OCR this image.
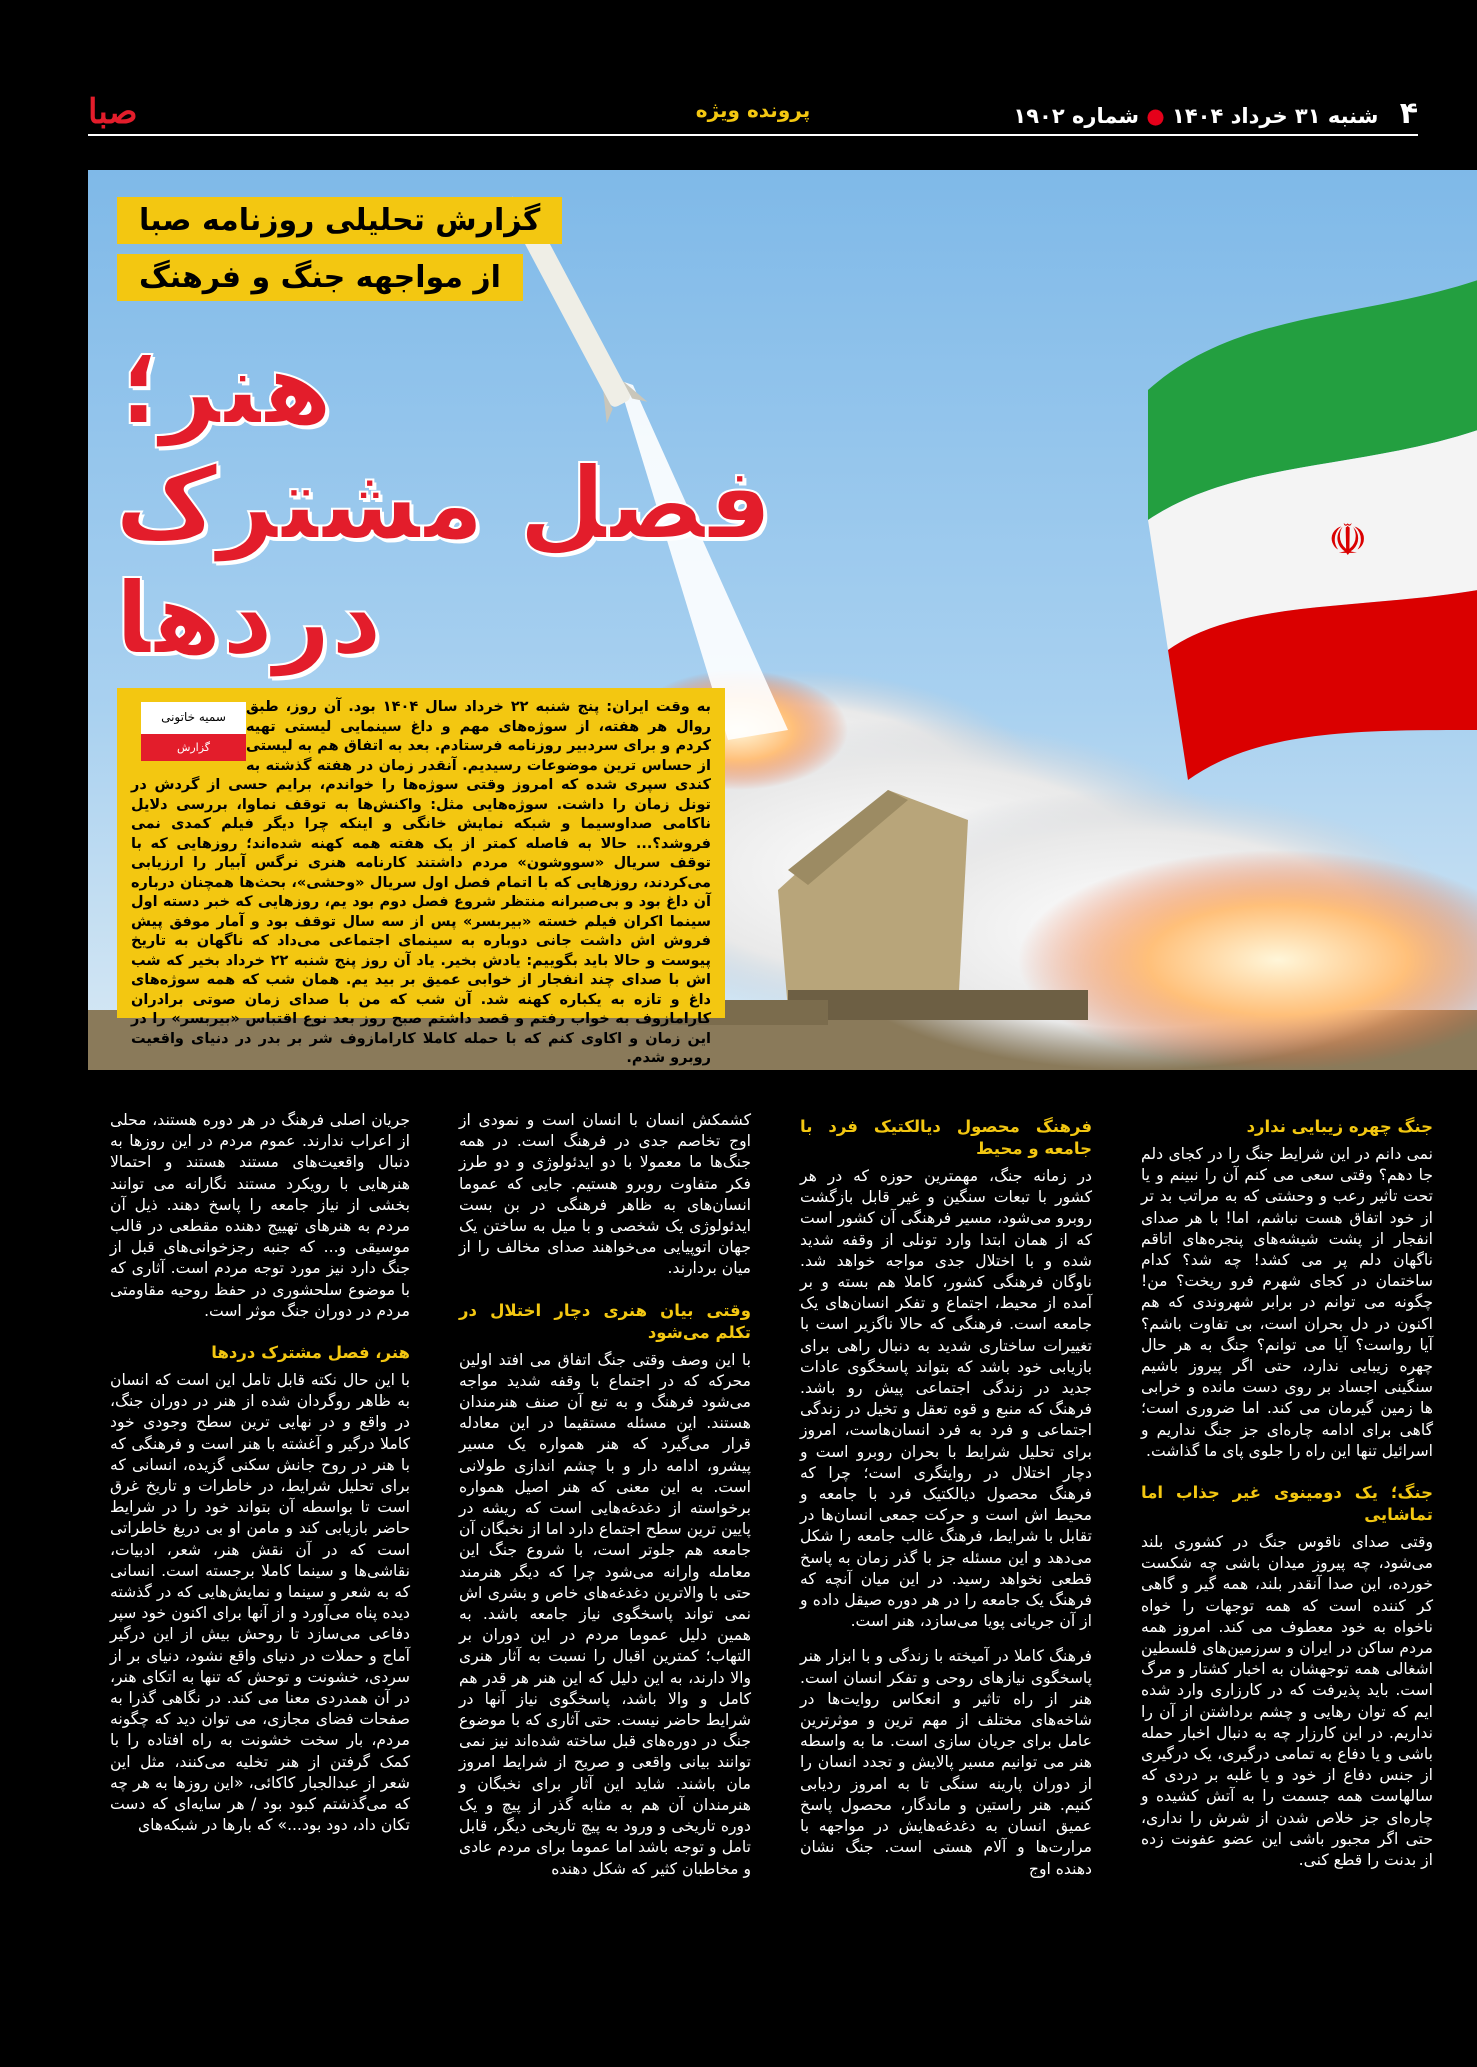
۴ شنبه ۳۱ خرداد ۱۴۰۴ ● شماره ۱۹۰۲
پرونده ویژه
صبا
☫
گزارش تحلیلی روزنامه صبا
از مواجهه جنگ و فرهنگ
هنر؛
فصل مشترک
دردها
سمیه خاتونی
گزارش
به وقت ایران: پنج شنبه ۲۲ خرداد سال ۱۴۰۴ بود. آن روز، طبق روال هر هفته، از سوژه‌های مهم و داغ سینمایی لیستی تهیه کردم و برای سردبیر روزنامه فرستادم. بعد به اتفاق هم به لیستی از حساس ترین موضوعات رسیدیم. آنقدر زمان در هفته گذشته به کندی سپری شده که امروز وقتی سوژه‌ها را خواندم، برایم حسی از گردش در تونل زمان را داشت. سوژه‌هایی مثل: واکنش‌ها به توقف نماوا، بررسی دلایل ناکامی صداوسیما و شبکه نمایش خانگی و اینکه چرا دیگر فیلم کمدی نمی فروشد؟... حالا به فاصله کمتر از یک هفته همه کهنه شده‌اند؛ روزهایی که با توقف سریال «سووشون» مردم داشتند کارنامه هنری نرگس آبیار را ارزیابی می‌کردند، روزهایی که با اتمام فصل اول سریال «وحشی»، بحث‌ها همچنان درباره آن داغ بود و بی‌صبرانه منتظر شروع فصل دوم بود یم، روزهایی که خبر دسته اول سینما اکران فیلم خسته «بیربسر» پس از سه سال توقف بود و آمار موفق پیش فروش اش داشت جانی دوباره به سینمای اجتماعی می‌داد که ناگهان به تاریخ پیوست و حالا باید بگوییم: یادش بخیر. یاد آن روز پنج شنبه ۲۲ خرداد بخیر که شب اش با صدای چند انفجار از خوابی عمیق بر بید یم. همان شب که همه سوژه‌های داغ و تازه به یکباره کهنه شد. آن شب که من با صدای زمان صوتی برادران کارامازوف به خواب رفتم و قصد داشتم صبح روز بعد نوع اقتباس «بیربسر» را در این زمان و اکاوی کنم که با حمله کاملا کارامازوف شر بر بدر در دنیای واقعیت روبرو شدم.
جنگ چهره زیبایی ندارد

نمی دانم در این شرایط جنگ را در کجای دلم جا دهم؟ وقتی سعی می کنم آن را نبینم و یا تحت تاثیر رعب و وحشتی که به مراتب بد تر از خود اتفاق هست نباشم، اما! با هر صدای انفجار از پشت شیشه‌های پنجره‌های اتاقم ناگهان دلم پر می کشد! چه شد؟ کدام ساختمان در کجای شهرم فرو ریخت؟ من! چگونه می توانم در برابر شهروندی که هم اکنون در دل بحران است، بی تفاوت باشم؟ آیا رواست؟ آیا می توانم؟ جنگ به هر حال چهره زیبایی ندارد، حتی اگر پیروز باشیم سنگینی اجساد بر روی دست مانده و خرابی ها زمین گیرمان می کند. اما ضروری است؛ گاهی برای ادامه چاره‌ای جز جنگ نداریم و اسرائیل تنها این راه را جلوی پای ما گذاشت.

جنگ؛ یک دومینوی غیر جذاب اما تماشایی

وقتی صدای ناقوس جنگ در کشوری بلند می‌شود، چه پیروز میدان باشی چه شکست خورده، این صدا آنقدر بلند، همه گیر و گاهی کر کننده است که همه توجهات را خواه ناخواه به خود معطوف می کند. امروز همه مردم ساکن در ایران و سرزمین‌های فلسطین اشغالی همه توجهشان به اخبار کشتار و مرگ است. باید پذیرفت که در کارزاری وارد شده‌ ایم که توان رهایی و چشم برداشتن از آن را نداریم. در این کارزار چه به دنبال اخبار حمله باشی و یا دفاع به تمامی درگیری، یک درگیری از جنس دفاع از خود و یا غلبه بر دردی که سالهاست همه جسمت را به آتش کشیده و چاره‌ای جز خلاص شدن از شرش را نداری، حتی اگر مجبور باشی این عضو عفونت زده از بدنت را قطع کنی.

فرهنگ محصول دیالکتیک فرد با جامعه و محیط

در زمانه جنگ، مهمترین حوزه که در هر کشور با تبعات سنگین و غیر قابل بازگشت روبرو می‌شود، مسیر فرهنگی آن کشور است که از همان ابتدا وارد تونلی از وقفه شدید شده و با اختلال جدی مواجه خواهد شد. ناوگان فرهنگی کشور، کاملا هم بسته و بر آمده از محیط، اجتماع و تفکر انسان‌های یک جامعه است. فرهنگی که حالا ناگزیر است با تغییرات ساختاری شدید به دنبال راهی برای بازیابی خود باشد که بتواند پاسخگوی عادات جدید در زندگی اجتماعی پیش رو باشد. فرهنگ که منبع و قوه تعقل و تخیل در زندگی اجتماعی و فرد به فرد انسان‌هاست، امروز برای تحلیل شرایط با بحران روبرو است و دچار اختلال در روایتگری است؛ چرا که فرهنگ محصول دیالکتیک فرد با جامعه و محیط اش است و حرکت جمعی انسان‌ها در تقابل با شرایط، فرهنگ غالب جامعه را شکل می‌دهد و این مسئله جز با گذر زمان به پاسخ قطعی نخواهد رسید. در این میان آنچه که فرهنگ یک جامعه را در هر دوره صیقل داده و از آن جریانی پویا می‌سازد، هنر است.

فرهنگ کاملا در آمیخته با زندگی و با ابزار هنر پاسخگوی نیازهای روحی و تفکر انسان است. هنر از راه تاثیر و انعکاس روایت‌ها در شاخه‌های مختلف از مهم ترین و موثرترین عامل برای جریان سازی است. ما به واسطه هنر می توانیم مسیر پالایش و تجدد انسان را از دوران پارینه سنگی تا به امروز ردیابی کنیم. هنر راستین و ماندگار، محصول پاسخ عمیق انسان به دغدغه‌هایش در مواجهه با مرارت‌ها و آلام هستی است. جنگ نشان دهنده اوج

کشمکش انسان با انسان است و نمودی از اوج تخاصم جدی در فرهنگ است. در همه جنگ‌ها ما معمولا با دو ایدئولوژی و دو طرز فکر متفاوت روبرو هستیم. جایی که عموما انسان‌های به ظاهر فرهنگی در بن بست ایدئولوژی یک شخصی و با میل به ساختن یک جهان اتوپیایی می‌خواهند صدای مخالف را از میان بردارند.

وقتی بیان هنری دچار اختلال در تکلم می‌شود

با این وصف وقتی جنگ اتفاق می افتد اولین محرکه که در اجتماع با وقفه شدید مواجه می‌شود فرهنگ و به تبع آن صنف هنرمندان هستند. این مسئله مستقیما در این معادله قرار می‌گیرد که هنر همواره یک مسیر پیشرو، ادامه دار و با چشم اندازی طولانی است. به این معنی که هنر اصیل همواره برخواسته از دغدغه‌هایی است که ریشه در پایین ترین سطح اجتماع دارد اما از نخبگان آن جامعه هم جلوتر است، با شروع جنگ این معامله وارانه می‌شود چرا که دیگر هنرمند حتی با والاترین دغدغه‌های خاص و بشری اش نمی تواند پاسخگوی نیاز جامعه باشد. به همین دلیل عموما مردم در این دوران بر التهاب؛ کمترین اقبال را نسبت به آثار هنری والا دارند، به این دلیل که این هنر هر قدر هم کامل و والا باشد، پاسخگوی نیاز آنها در شرایط حاضر نیست. حتی آثاری که با موضوع جنگ در دوره‌های قبل ساخته شده‌اند نیز نمی توانند بیانی واقعی و صریح از شرایط امروز مان باشند. شاید این آثار برای نخبگان و هنرمندان آن هم به مثابه گذر از پیچ و یک دوره تاریخی و ورود به پیچ تاریخی دیگر، قابل تامل و توجه باشد اما عموما برای مردم عادی و مخاطبان کثیر که شکل دهنده

جریان اصلی فرهنگ در هر دوره هستند، محلی از اعراب ندارند. عموم مردم در این روزها به دنبال واقعیت‌های مستند هستند و احتمالا هنرهایی با رویکرد مستند نگارانه می توانند بخشی از نیاز جامعه را پاسخ دهند. ذیل آن مردم به هنرهای تهییج دهنده مقطعی در قالب موسیقی و... که جنبه رجزخوانی‌های قبل از جنگ دارد نیز مورد توجه مردم است. آثاری که با موضوع سلحشوری در حفظ روحیه مقاومتی مردم در دوران جنگ موثر است.

هنر، فصل مشترک دردها

با این حال نکته قابل تامل این است که انسان به ظاهر روگردان شده از هنر در دوران جنگ، در واقع و در نهایی ترین سطح وجودی خود کاملا درگیر و آغشته با هنر است و فرهنگی که با هنر در روح جانش سکنی گزیده، انسانی که برای تحلیل شرایط، در خاطرات و تاریخ غرق است تا بواسطه آن بتواند خود را در شرایط حاضر بازیابی کند و مامن او بی دریغ خاطراتی است که در آن نقش هنر، شعر، ادبیات، نقاشی‌ها و سینما کاملا برجسته است. انسانی که به شعر و سینما و نمایش‌هایی که در گذشته دیده پناه می‌آورد و از آنها برای اکنون خود سپر دفاعی می‌سازد تا روحش بیش از این درگیر آماج و حملات در دنیای واقع نشود، دنیای بر از سردی، خشونت و توحش که تنها به اتکای هنر، در آن همدردی معنا می کند. در نگاهی گذرا به صفحات فضای مجازی، می توان دید که چگونه مردم، بار سخت خشونت به راه افتاده را با کمک گرفتن از هنر تخلیه می‌کنند، مثل این شعر از عبدالجبار کاکائی، «این روزها به هر چه که می‌گذشتم کبود بود / هر سایه‌ای که دست تکان داد، دود بود...» که بارها در شبکه‌های
